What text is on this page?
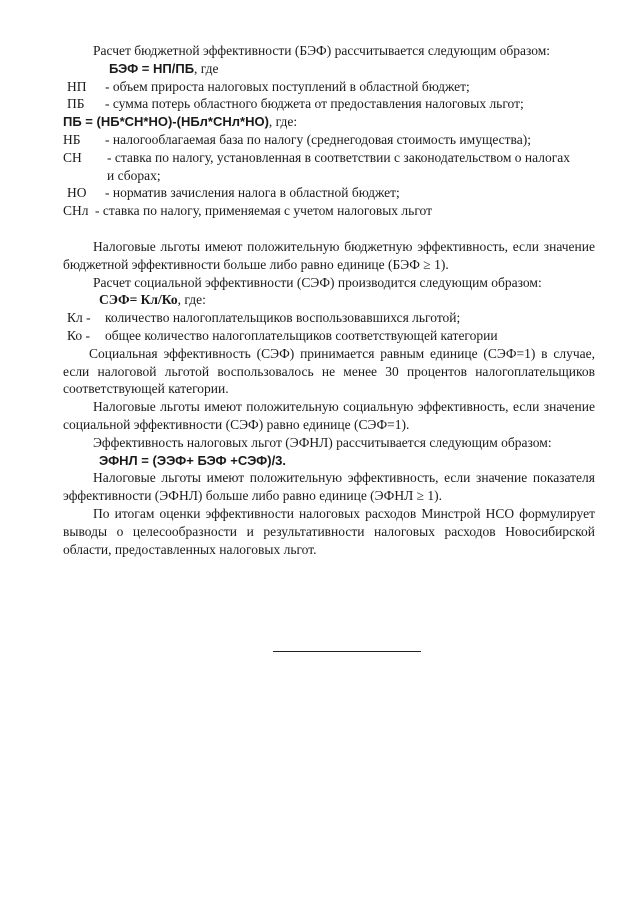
Расчет бюджетной эффективности (БЭФ) рассчитывается следующим образом:

БЭФ = НП/ПБ, где

НП	- объем прироста налоговых поступлений в областной бюджет;
ПБ	- сумма потерь областного бюджета от предоставления налоговых льгот;

ПБ = (НБ*СН*НО)-(НБл*СНл*НО), где:

НБ	- налогооблагаемая база по налогу (среднегодовая стоимость имущества);
СН	- ставка по налогу, установленная в соответствии с законодательством о налогах и сборах;
НО	- норматив зачисления налога в областной бюджет;
СНл - ставка по налогу, применяемая с учетом налоговых льгот

Налоговые льготы имеют положительную бюджетную эффективность, если значение бюджетной эффективности больше либо равно единице (БЭФ ≥ 1).

Расчет социальной эффективности (СЭФ) производится следующим образом:

СЭФ= Кл/Ко, где:

Кл -	количество налогоплательщиков воспользовавшихся льготой;
Ко -	общее количество налогоплательщиков соответствующей категории

Социальная эффективность (СЭФ) принимается равным единице (СЭФ=1) в случае, если налоговой льготой воспользовалось не менее 30 процентов налогоплательщиков соответствующей категории.

Налоговые льготы имеют положительную социальную эффективность, если значение социальной эффективности (СЭФ) равно единице (СЭФ=1).

Эффективность налоговых льгот (ЭФНЛ) рассчитывается следующим образом:

ЭФНЛ = (ЭЭФ+ БЭФ +СЭФ)/3.

Налоговые льготы имеют положительную эффективность, если значение показателя эффективности (ЭФНЛ) больше либо равно единице (ЭФНЛ ≥ 1).

По итогам оценки эффективности налоговых расходов Минстрой НСО формулирует выводы о целесообразности и результативности налоговых расходов Новосибирской области, предоставленных налоговых льгот.
